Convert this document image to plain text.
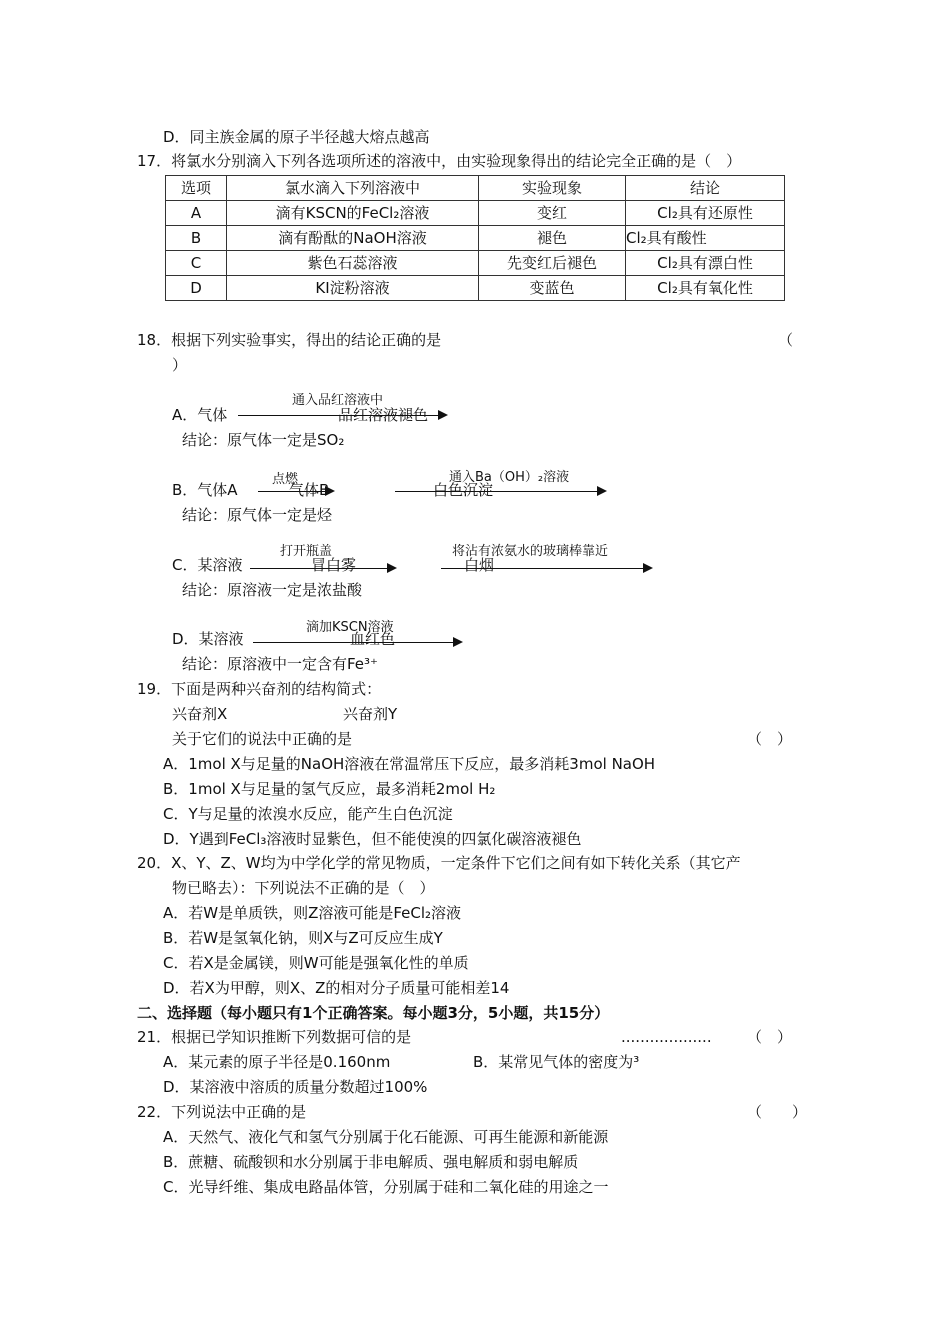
D．同主族金属的原子半径越大熔点越高
17．将氯水分别滴入下列各选项所述的溶液中，由实验现象得出的结论完全正确的是（　）
选项	氯水滴入下列溶液中	实验现象	结论
A	滴有KSCN的FeCl₂溶液	变红	Cl₂具有还原性
B	滴有酚酞的NaOH溶液	褪色	Cl₂具有酸性
C	紫色石蕊溶液	先变红后褪色	Cl₂具有漂白性
D	KI淀粉溶液	变蓝色	Cl₂具有氧化性
18．根据下列实验事实，得出的结论正确的是	（
）
A．气体
通入品红溶液中
品红溶液褪色
结论：原气体一定是SO₂
B．气体A
点燃
气体B
通入Ba（OH）₂溶液
白色沉淀
结论：原气体一定是烃
C．某溶液
打开瓶盖
冒白雾
将沾有浓氨水的玻璃棒靠近
白烟
结论：原溶液一定是浓盐酸
D．某溶液
滴加KSCN溶液
血红色
结论：原溶液中一定含有Fe³⁺
19．下面是两种兴奋剂的结构简式：
兴奋剂X	兴奋剂Y
关于它们的说法中正确的是	（　）
A．1mol X与足量的NaOH溶液在常温常压下反应，最多消耗3mol NaOH
B．1mol X与足量的氢气反应，最多消耗2mol H₂
C．Y与足量的浓溴水反应，能产生白色沉淀
D．Y遇到FeCl₃溶液时显紫色，但不能使溴的四氯化碳溶液褪色
20．X、Y、Z、W均为中学化学的常见物质，一定条件下它们之间有如下转化关系（其它产
物已略去）：下列说法不正确的是（　）
A．若W是单质铁，则Z溶液可能是FeCl₂溶液
B．若W是氢氧化钠，则X与Z可反应生成Y
C．若X是金属镁，则W可能是强氧化性的单质
D．若X为甲醇，则X、Z的相对分子质量可能相差14
二、选择题（每小题只有1个正确答案。每小题3分，5小题，共15分）
21．根据已学知识推断下列数据可信的是	................... （　）
A．某元素的原子半径是0.160nm	B．某常见气体的密度为³
D．某溶液中溶质的质量分数超过100%
22．下列说法中正确的是	（　　）
A．天然气、液化气和氢气分别属于化石能源、可再生能源和新能源
B．蔗糖、硫酸钡和水分别属于非电解质、强电解质和弱电解质
C．光导纤维、集成电路晶体管，分别属于硅和二氧化硅的用途之一
